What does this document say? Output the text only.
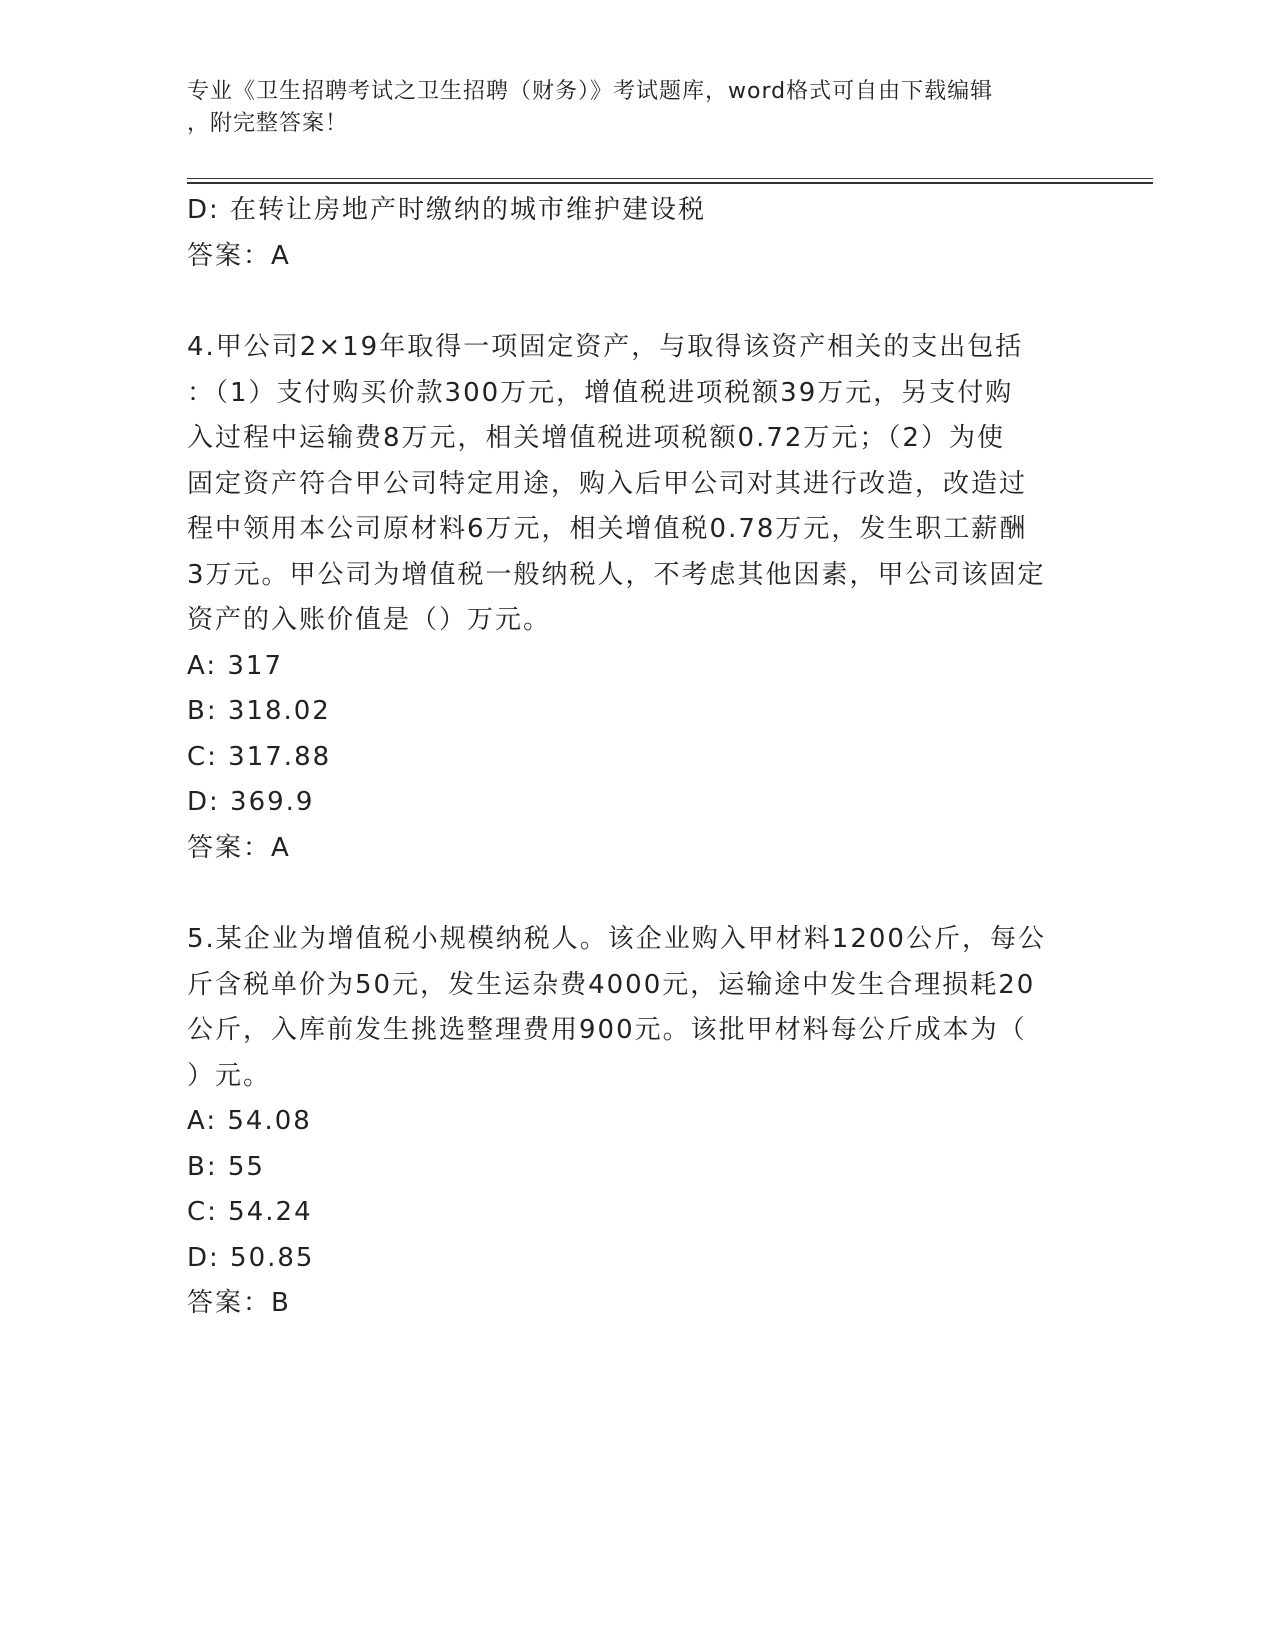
专业《卫生招聘考试之卫生招聘（财务）》考试题库，word格式可自由下载编辑
，附完整答案！
D: 在转让房地产时缴纳的城市维护建设税
答案：A
4.甲公司2×19年取得一项固定资产，与取得该资产相关的支出包括
：（1）支付购买价款300万元，增值税进项税额39万元，另支付购
入过程中运输费8万元，相关增值税进项税额0.72万元；（2）为使
固定资产符合甲公司特定用途，购入后甲公司对其进行改造，改造过
程中领用本公司原材料6万元，相关增值税0.78万元，发生职工薪酬
3万元。甲公司为增值税一般纳税人，不考虑其他因素，甲公司该固定
资产的入账价值是（）万元。
A: 317
B: 318.02
C: 317.88
D: 369.9
答案：A
5.某企业为增值税小规模纳税人。该企业购入甲材料1200公斤，每公
斤含税单价为50元，发生运杂费4000元，运输途中发生合理损耗20
公斤，入库前发生挑选整理费用900元。该批甲材料每公斤成本为（
）元。
A: 54.08
B: 55
C: 54.24
D: 50.85
答案：B
